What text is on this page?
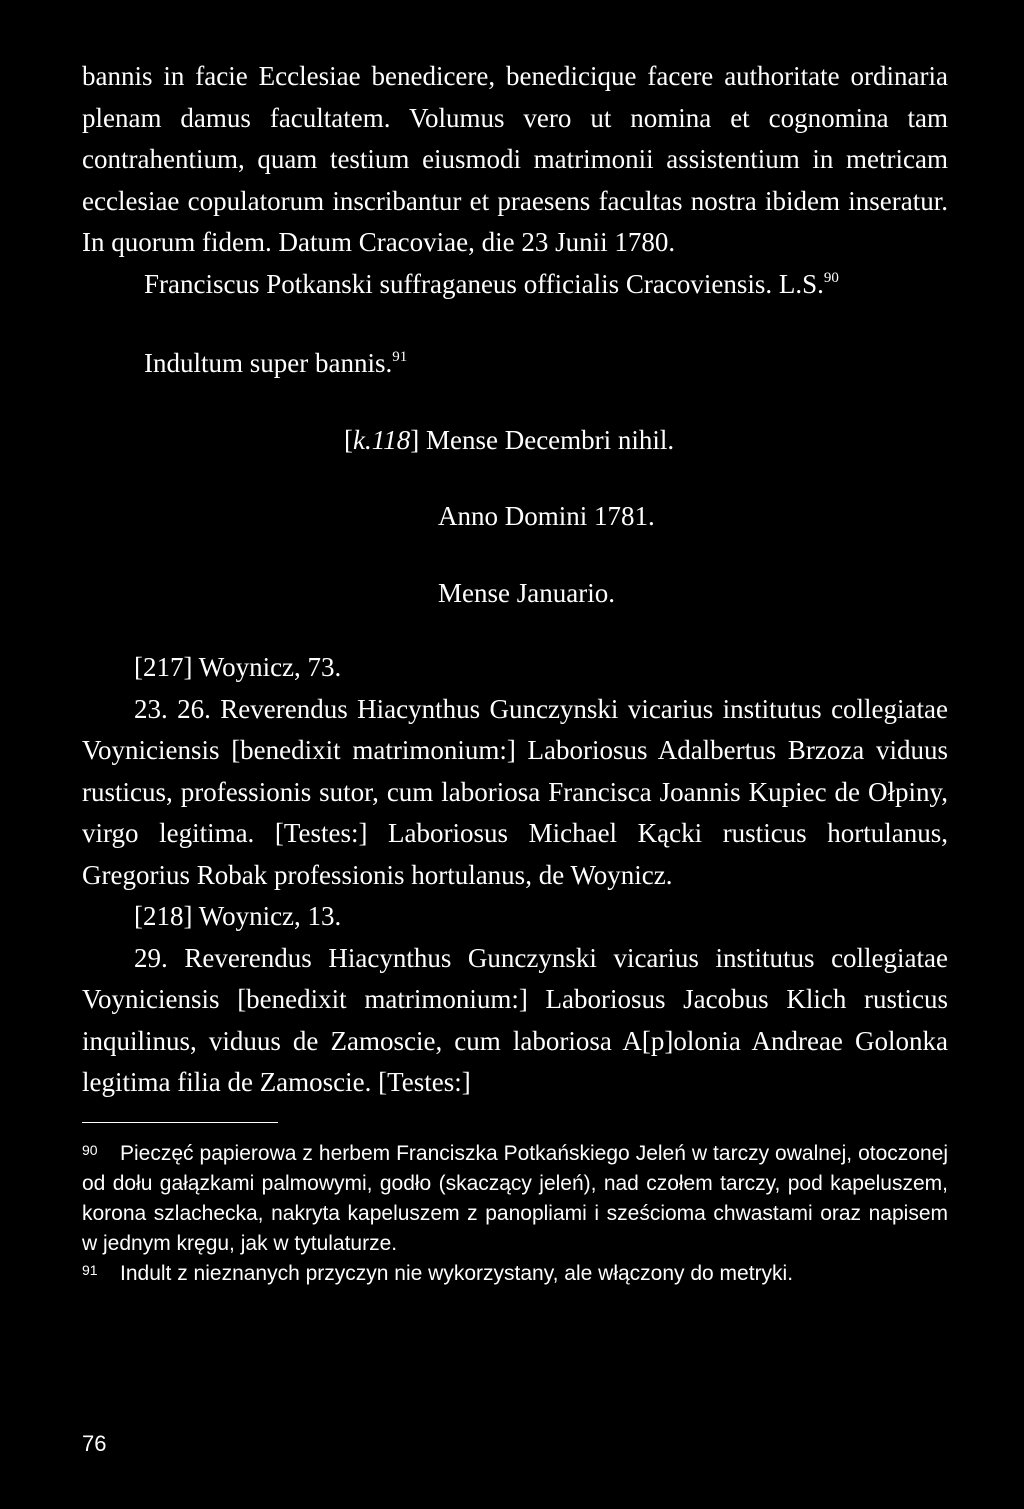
bannis in facie Ecclesiae benedicere, benedicique facere authoritate ordinaria plenam damus facultatem. Volumus vero ut nomina et cognomina tam contrahentium, quam testium eiusmodi matrimonii assistentium in metricam ecclesiae copulatorum inscribantur et praesens facultas nostra ibidem inseratur. In quorum fidem. Datum Cracoviae, die 23 Junii 1780.

Franciscus Potkanski suffraganeus officialis Cracoviensis. L.S.$^{90}$

Indultum super bannis.$^{91}$

[k.118] Mense Decembri nihil.

Anno Domini 1781.

Mense Januario.

[217] Woynicz, 73.

23. 26. Reverendus Hiacynthus Gunczynski vicarius institutus collegiatae Voyniciensis [benedixit matrimonium:] Laboriosus Adalbertus Brzoza viduus rusticus, professionis sutor, cum laboriosa Francisca Joannis Kupiec de Ołpiny, virgo legitima. [Testes:] Laboriosus Michael Kącki rusticus hortulanus, Gregorius Robak professionis hortulanus, de Woynicz.

[218] Woynicz, 13.

29. Reverendus Hiacynthus Gunczynski vicarius institutus collegiatae Voyniciensis [benedixit matrimonium:] Laboriosus Jacobus Klich rusticus inquilinus, viduus de Zamoscie, cum laboriosa A[p]olonia Andreae Golonka legitima filia de Zamoscie. [Testes:]

90 Pieczęć papierowa z herbem Franciszka Potkańskiego Jeleń w tarczy owalnej, otoczonej od dołu gałązkami palmowymi, godło (skaczący jeleń), nad czołem tarczy, pod kapeluszem, korona szlachecka, nakryta kapeluszem z panopliami i sześcioma chwastami oraz napisem w jednym kręgu, jak w tytulaturze.

91 Indult z nieznanych przyczyn nie wykorzystany, ale włączony do metryki.

76
